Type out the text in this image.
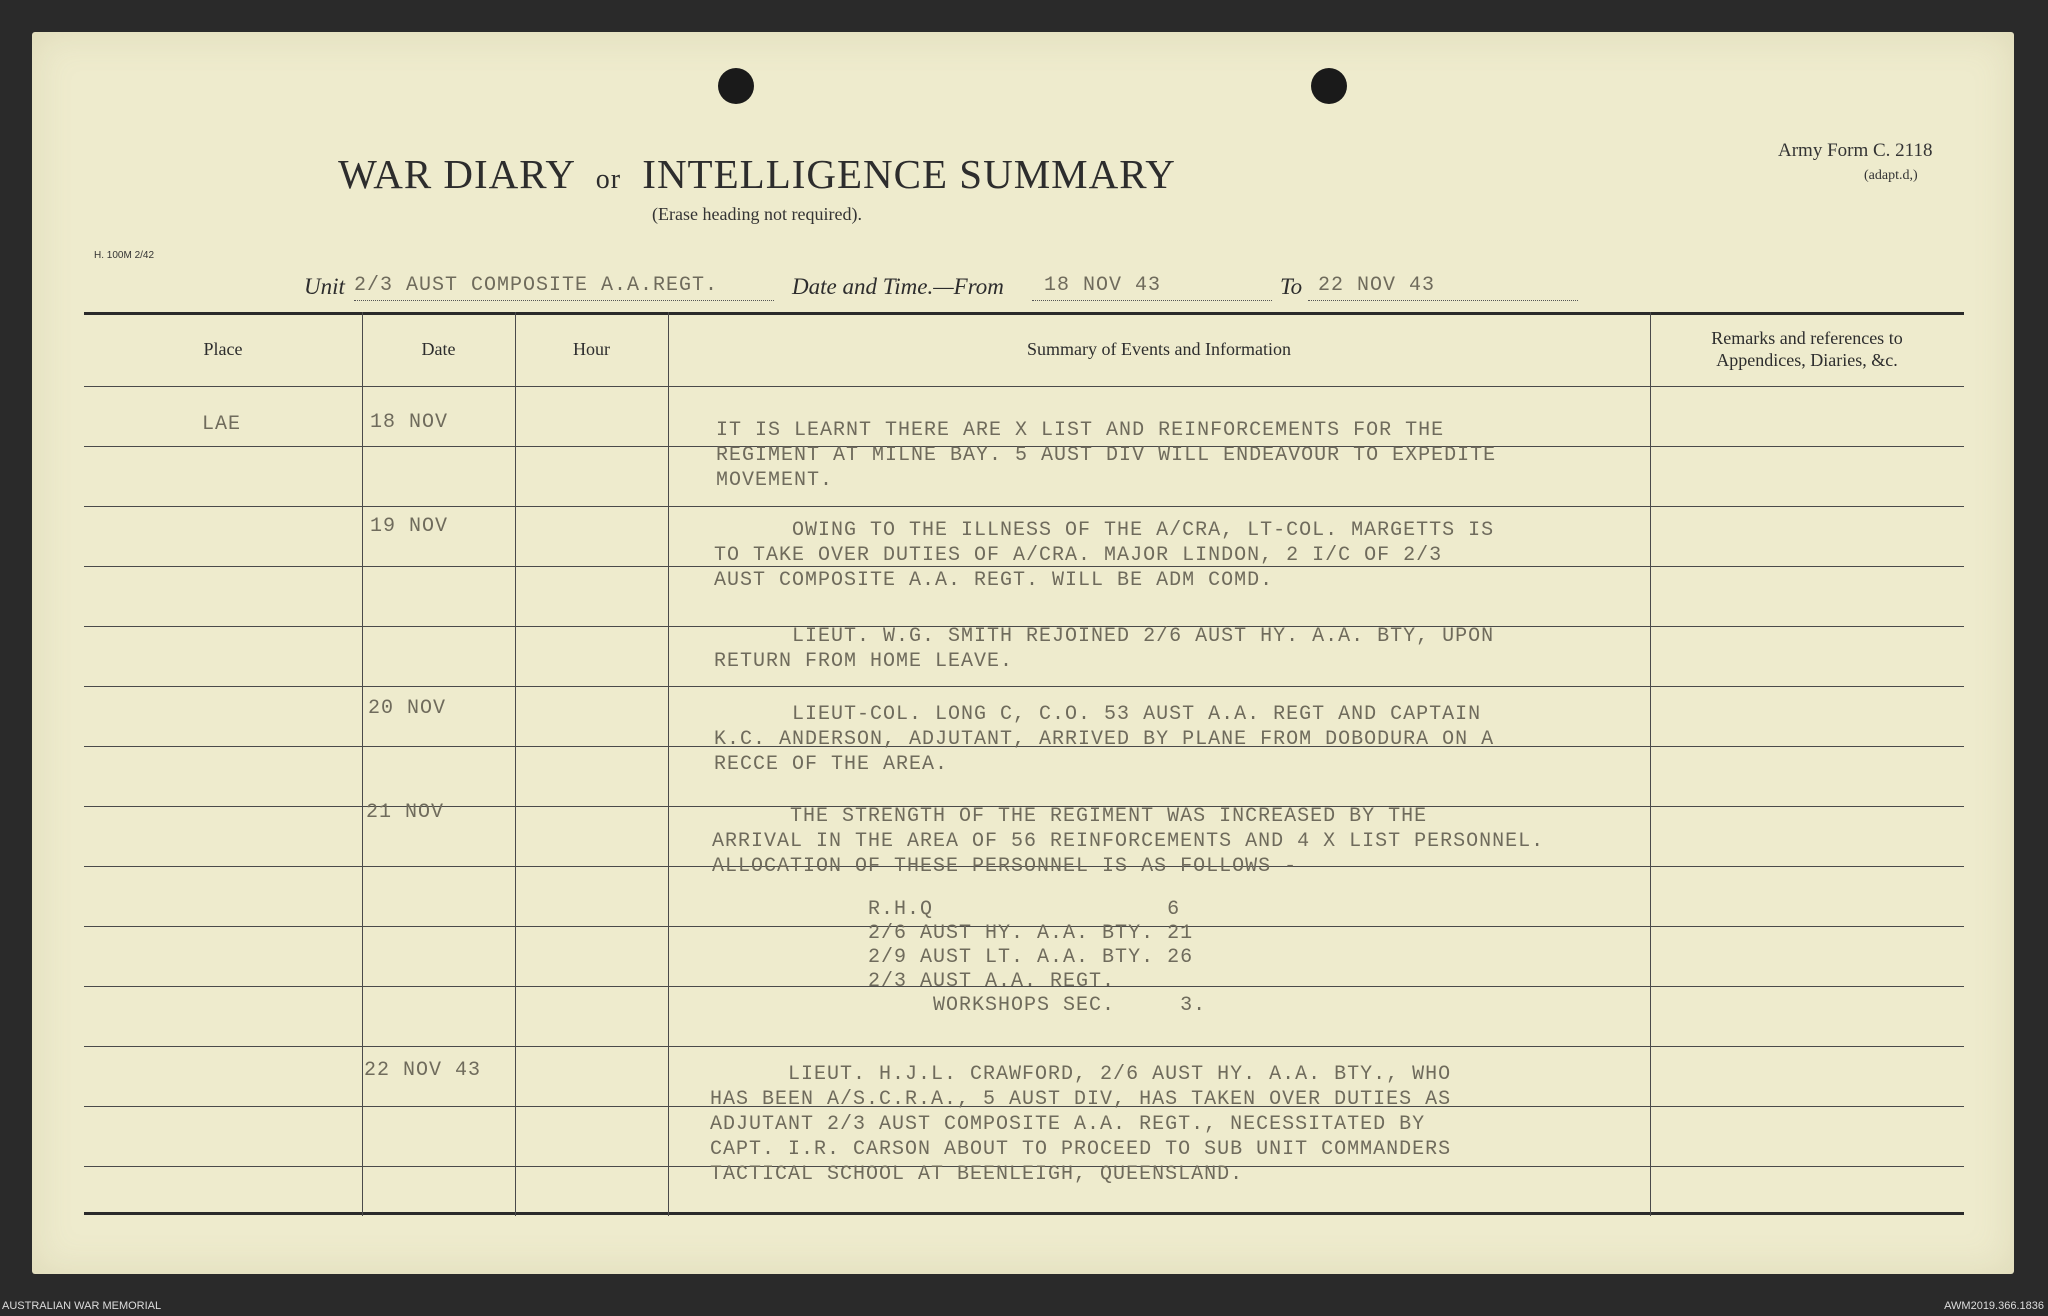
WAR DIARY or INTELLIGENCE SUMMARY
(Erase heading not required).
Army Form C. 2118
(adapt.d,)
H. 100M 2/42
Unit 2/3 AUST COMPOSITE A.A.REGT.	Date and Time.—From 18 NOV 43	To 22 NOV 43
Place	Date	Hour	Summary of Events and Information
Remarks and references to
Appendices, Diaries, &c.
LAE	18 NOV	IT IS LEARNT THERE ARE X LIST AND REINFORCEMENTS FOR THE
REGIMENT AT MILNE BAY. 5 AUST DIV WILL ENDEAVOUR TO EXPEDITE
MOVEMENT.
19 NOV	OWING TO THE ILLNESS OF THE A/CRA, LT-COL. MARGETTS IS
TO TAKE OVER DUTIES OF A/CRA. MAJOR LINDON, 2 I/C OF 2/3
AUST COMPOSITE A.A. REGT. WILL BE ADM COMD.
LIEUT. W.G. SMITH REJOINED 2/6 AUST HY. A.A. BTY, UPON
RETURN FROM HOME LEAVE.
20 NOV	LIEUT-COL. LONG C, C.O. 53 AUST A.A. REGT AND CAPTAIN
K.C. ANDERSON, ADJUTANT, ARRIVED BY PLANE FROM DOBODURA ON A
RECCE OF THE AREA.
21 NOV	THE STRENGTH OF THE REGIMENT WAS INCREASED BY THE
ARRIVAL IN THE AREA OF 56 REINFORCEMENTS AND 4 X LIST PERSONNEL.
ALLOCATION OF THESE PERSONNEL IS AS FOLLOWS -
R.H.Q                  6
2/6 AUST HY. A.A. BTY. 21
2/9 AUST LT. A.A. BTY. 26
2/3 AUST A.A. REGT.
WORKSHOPS SEC.     3.
22 NOV 43	LIEUT. H.J.L. CRAWFORD, 2/6 AUST HY. A.A. BTY., WHO
HAS BEEN A/S.C.R.A., 5 AUST DIV, HAS TAKEN OVER DUTIES AS
ADJUTANT 2/3 AUST COMPOSITE A.A. REGT., NECESSITATED BY
CAPT. I.R. CARSON ABOUT TO PROCEED TO SUB UNIT COMMANDERS
TACTICAL SCHOOL AT BEENLEIGH, QUEENSLAND.
AUSTRALIAN WAR MEMORIAL	AWM2019.366.1836
